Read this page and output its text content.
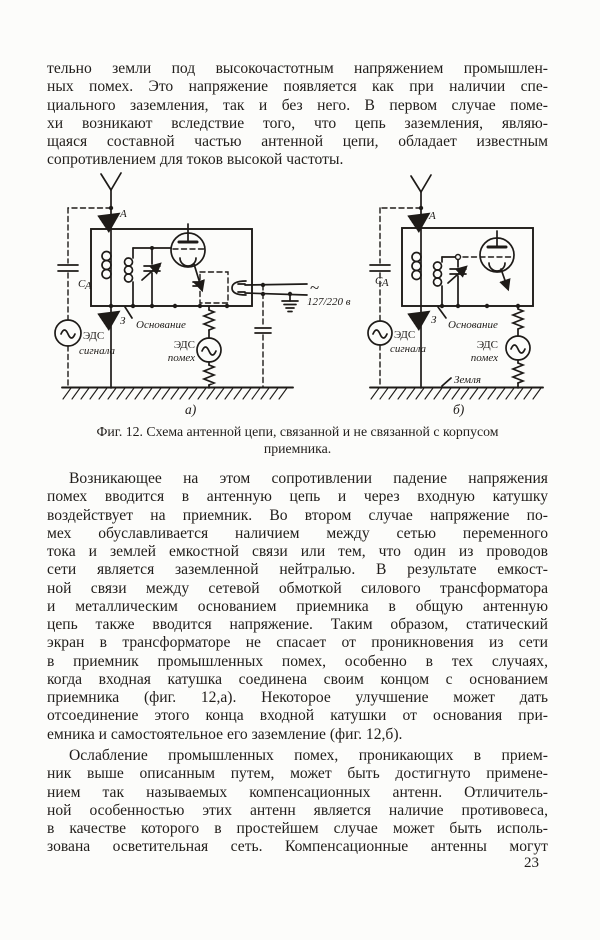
тельно земли под высокочастотным напряжением промышлен-
ных помех. Это напряжение появляется как при наличии спе-
циального заземления, так и без него. В первом случае поме-
хи возникают вследствие того, что цепь заземления, являю-
щаяся составной частью антенной цепи, обладает известным
сопротивлением для токов высокой частоты.
А
З Основание
СА
ЭДС
сигнала	ЭДС
помех
~
127/220 в
а)
А
З Основание
СА
ЭДС
сигнала	ЭДС
помех
Земля
б)
Фиг. 12. Схема антенной цепи, связанной и не связанной с корпусом
приемника.
Возникающее на этом сопротивлении падение напряжения
помех вводится в антенную цепь и через входную катушку
воздействует на приемник. Во втором случае напряжение по-
мех обуславливается наличием между сетью переменного
тока и землей емкостной связи или тем, что один из проводов
сети является заземленной нейтралью. В результате емкост-
ной связи между сетевой обмоткой силового трансформатора
и металлическим основанием приемника в общую антенную
цепь также вводится напряжение. Таким образом, статический
экран в трансформаторе не спасает от проникновения из сети
в приемник промышленных помех, особенно в тех случаях,
когда входная катушка соединена своим концом с основанием
приемника (фиг. 12,а). Некоторое улучшение может дать
отсоединение этого конца входной катушки от основания при-
емника и самостоятельное его заземление (фиг. 12,б).
Ослабление промышленных помех, проникающих в прием-
ник выше описанным путем, может быть достигнуто примене-
нием так называемых компенсационных антенн. Отличитель-
ной особенностью этих антенн является наличие противовеса,
в качестве которого в простейшем случае может быть исполь-
зована осветительная сеть. Компенсационные антенны могут
23
